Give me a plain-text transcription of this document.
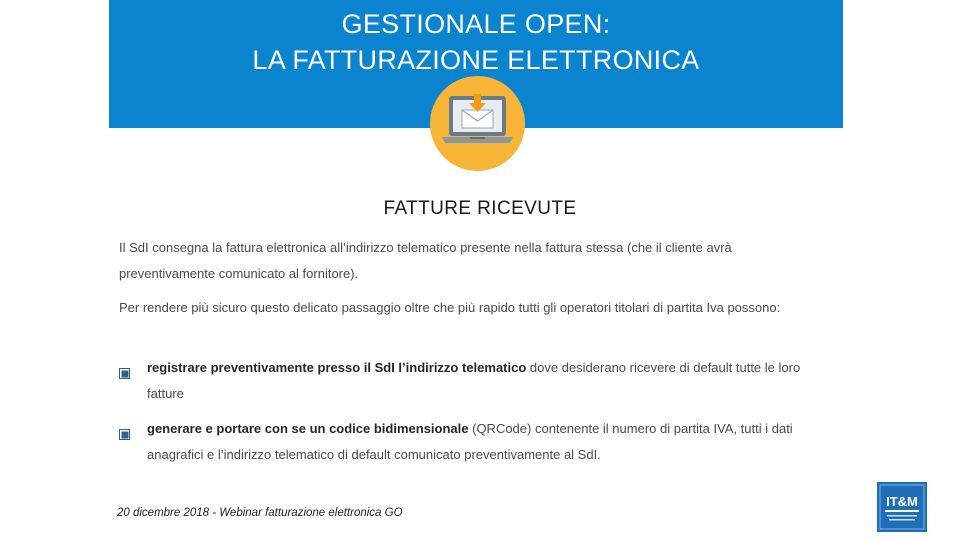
GESTIONALE OPEN:
LA FATTURAZIONE ELETTRONICA
FATTURE RICEVUTE
Il SdI consegna la fattura elettronica all’indirizzo telematico presente nella fattura stessa (che il cliente avrà preventivamente comunicato al fornitore).
Per rendere più sicuro questo delicato passaggio oltre che più rapido tutti gli operatori titolari di partita Iva possono:
registrare preventivamente presso il SdI l’indirizzo telematico dove desiderano ricevere di default tutte le loro fatture
generare e portare con se un codice bidimensionale (QRCode) contenente il numero di partita IVA, tutti i dati anagrafici e l’indirizzo telematico di default comunicato preventivamente al SdI.
20 dicembre 2018 - Webinar fatturazione elettronica GO
IT&M
